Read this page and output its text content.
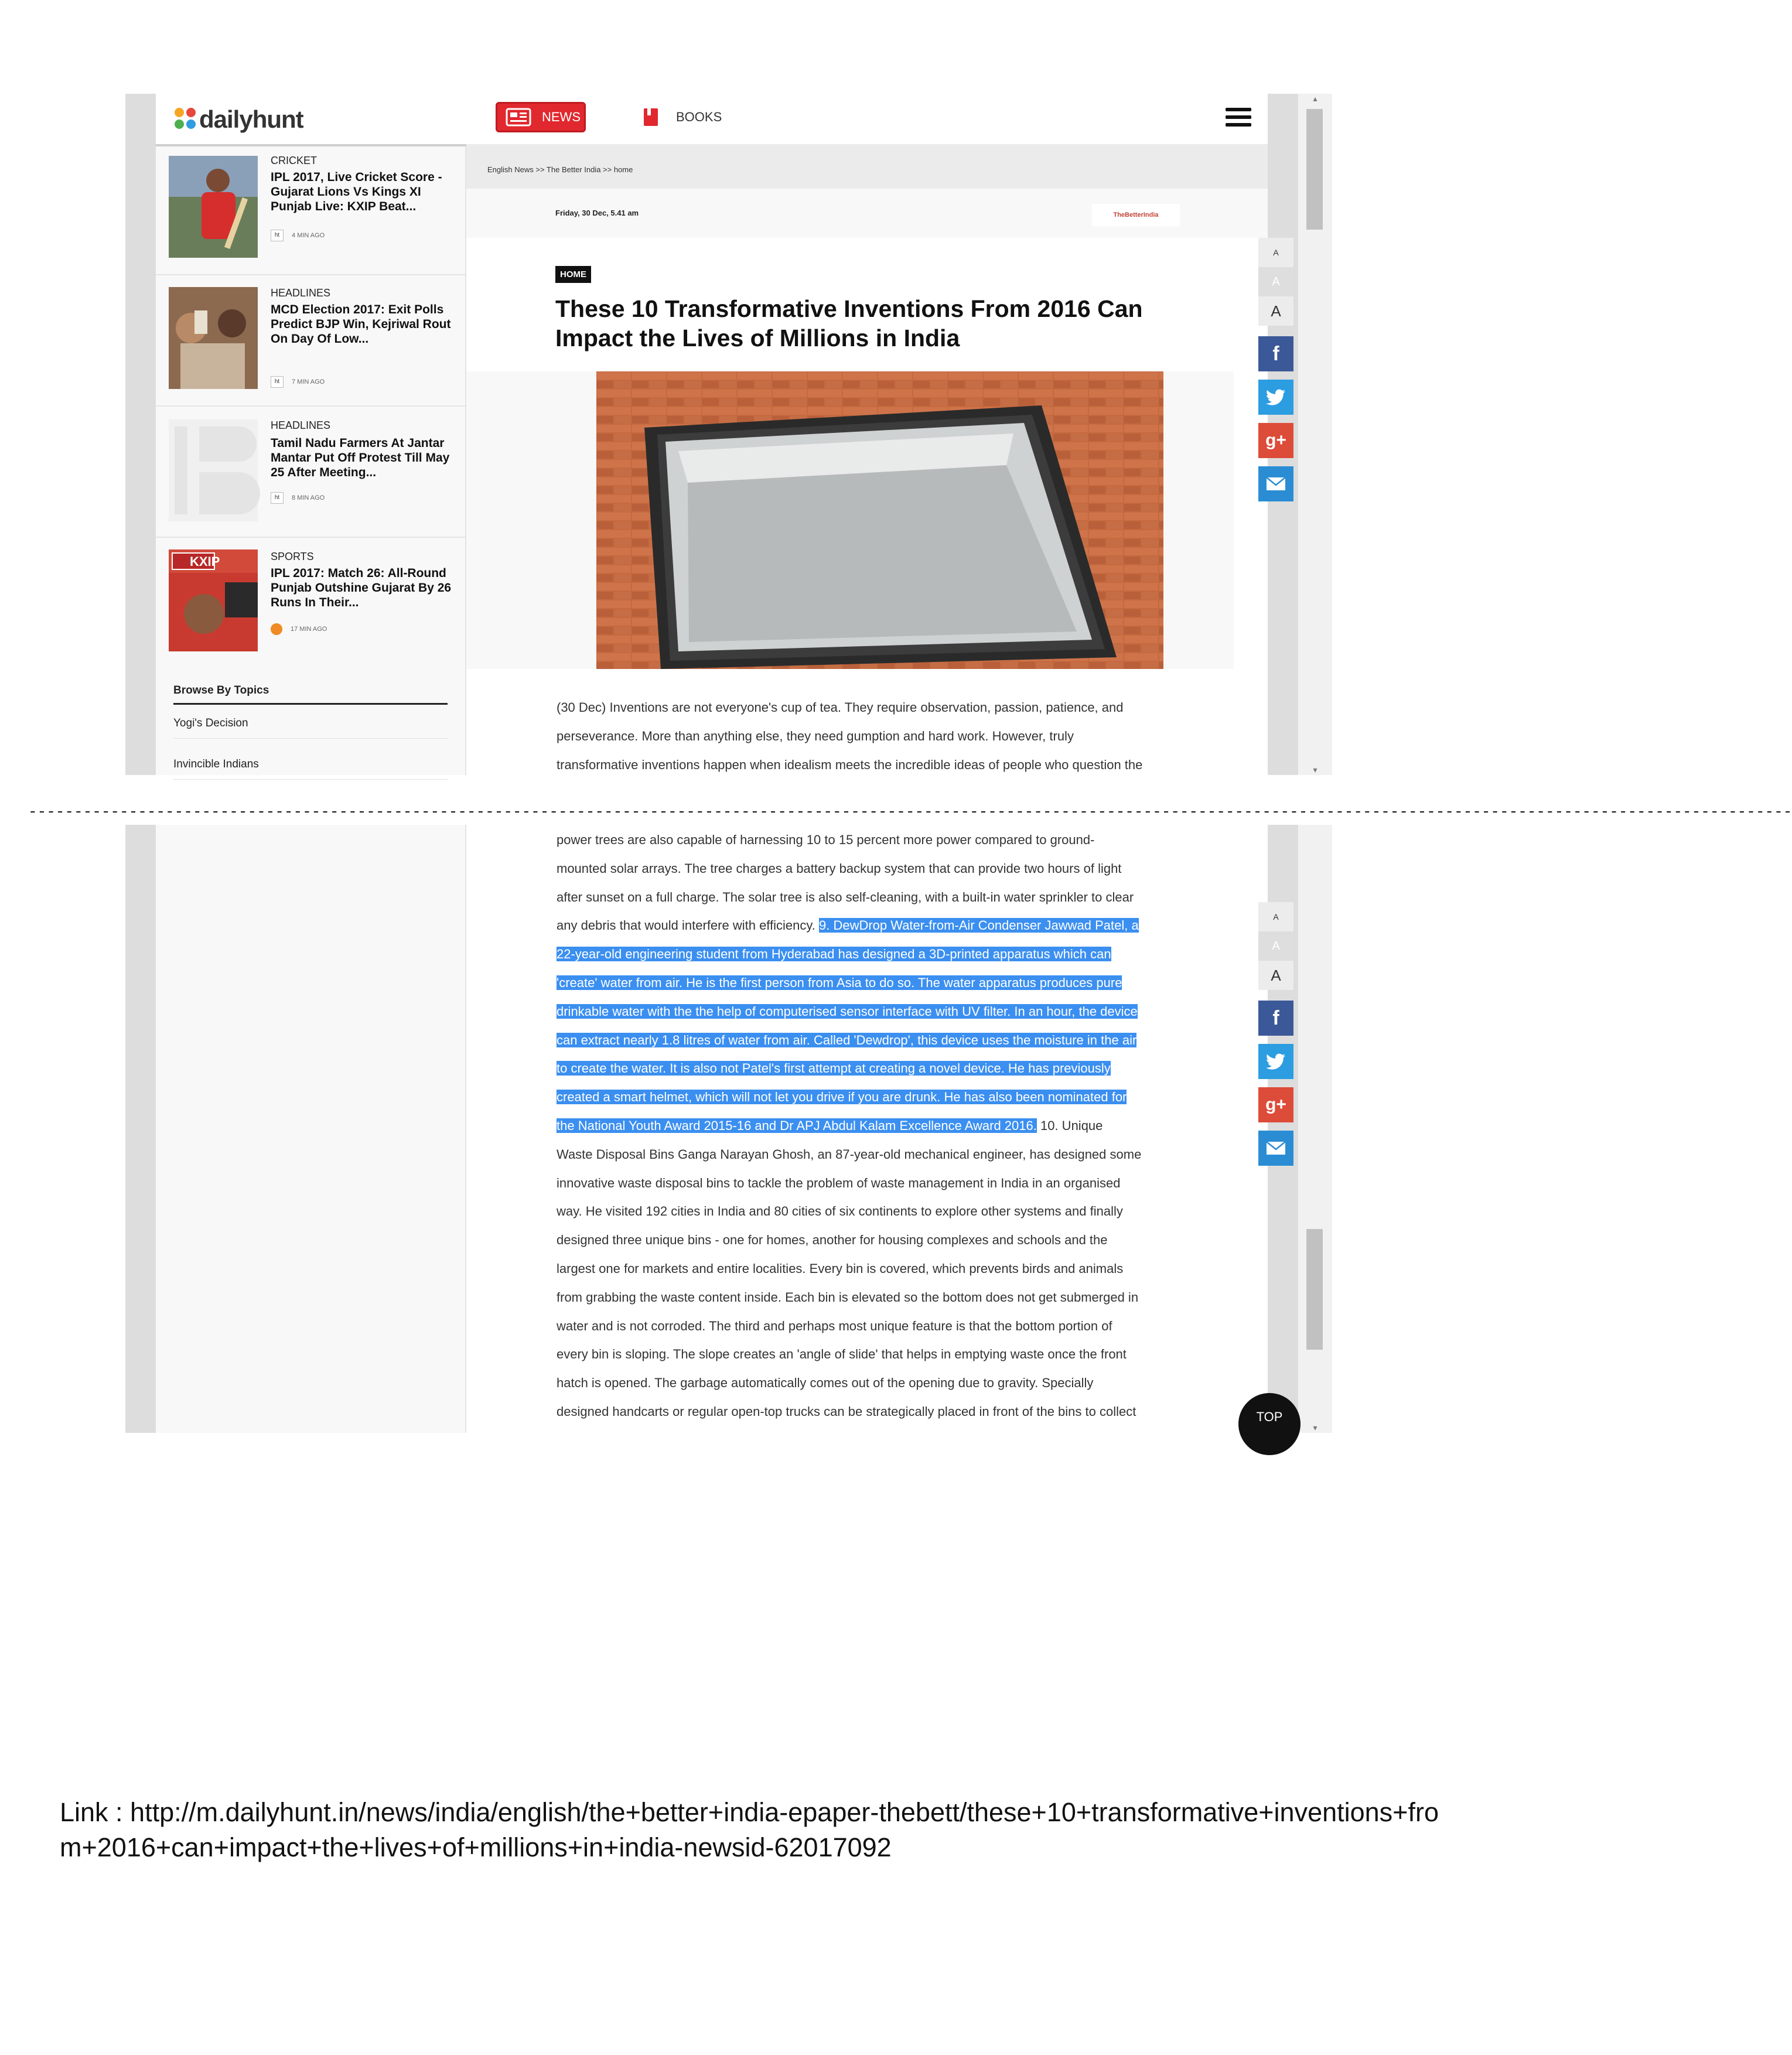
▴
▾
dailyhunt	NEWS	BOOKS
CRICKET
IPL 2017, Live Cricket Score - Gujarat Lions Vs Kings XI Punjab Live: KXIP Beat...
ht	4 MIN AGO
HEADLINES
MCD Election 2017: Exit Polls Predict BJP Win, Kejriwal Rout On Day Of Low...
ht	7 MIN AGO
HEADLINES
Tamil Nadu Farmers At Jantar Mantar Put Off Protest Till May 25 After Meeting...
ht	8 MIN AGO
KXIP	SPORTS
IPL 2017: Match 26: All-Round Punjab Outshine Gujarat By 26 Runs In Their...
17 MIN AGO
Browse By Topics
Yogi's Decision
Invincible Indians
English News >> The Better India >> home
Friday, 30 Dec, 5.41 am	TheBetterIndia
HOME
These 10 Transformative Inventions From 2016 Can Impact the Lives of Millions in India
A
A
A
f
g+
(30 Dec) Inventions are not everyone's cup of tea. They require observation, passion, patience, and
perseverance. More than anything else, they need gumption and hard work. However, truly
transformative inventions happen when idealism meets the incredible ideas of people who question the
-------------------------------------------------------------------------------------------------------------------------------------------------------------------------------------------------
▾
power trees are also capable of harnessing 10 to 15 percent more power compared to ground-
mounted solar arrays. The tree charges a battery backup system that can provide two hours of light
after sunset on a full charge. The solar tree is also self-cleaning, with a built-in water sprinkler to clear
any debris that would interfere with efficiency. 9. DewDrop Water-from-Air Condenser Jawwad Patel, a
22-year-old engineering student from Hyderabad has designed a 3D-printed apparatus which can
'create' water from air. He is the first person from Asia to do so. The water apparatus produces pure
drinkable water with the the help of computerised sensor interface with UV filter. In an hour, the device
can extract nearly 1.8 litres of water from air. Called 'Dewdrop', this device uses the moisture in the air
to create the water. It is also not Patel's first attempt at creating a novel device. He has previously
created a smart helmet, which will not let you drive if you are drunk. He has also been nominated for
the National Youth Award 2015-16 and Dr APJ Abdul Kalam Excellence Award 2016. 10. Unique
Waste Disposal Bins Ganga Narayan Ghosh, an 87-year-old mechanical engineer, has designed some
innovative waste disposal bins to tackle the problem of waste management in India in an organised
way. He visited 192 cities in India and 80 cities of six continents to explore other systems and finally
designed three unique bins - one for homes, another for housing complexes and schools and the
largest one for markets and entire localities. Every bin is covered, which prevents birds and animals
from grabbing the waste content inside. Each bin is elevated so the bottom does not get submerged in
water and is not corroded. The third and perhaps most unique feature is that the bottom portion of
every bin is sloping. The slope creates an 'angle of slide' that helps in emptying waste once the front
hatch is opened. The garbage automatically comes out of the opening due to gravity. Specially
designed handcarts or regular open-top trucks can be strategically placed in front of the bins to collect
A
A
A
f
g+
TOP
Link : http://m.dailyhunt.in/news/india/english/the+better+india-epaper-thebett/these+10+transformative+inventions+from+2016+can+impact+the+lives+of+millions+in+india-newsid-62017092
